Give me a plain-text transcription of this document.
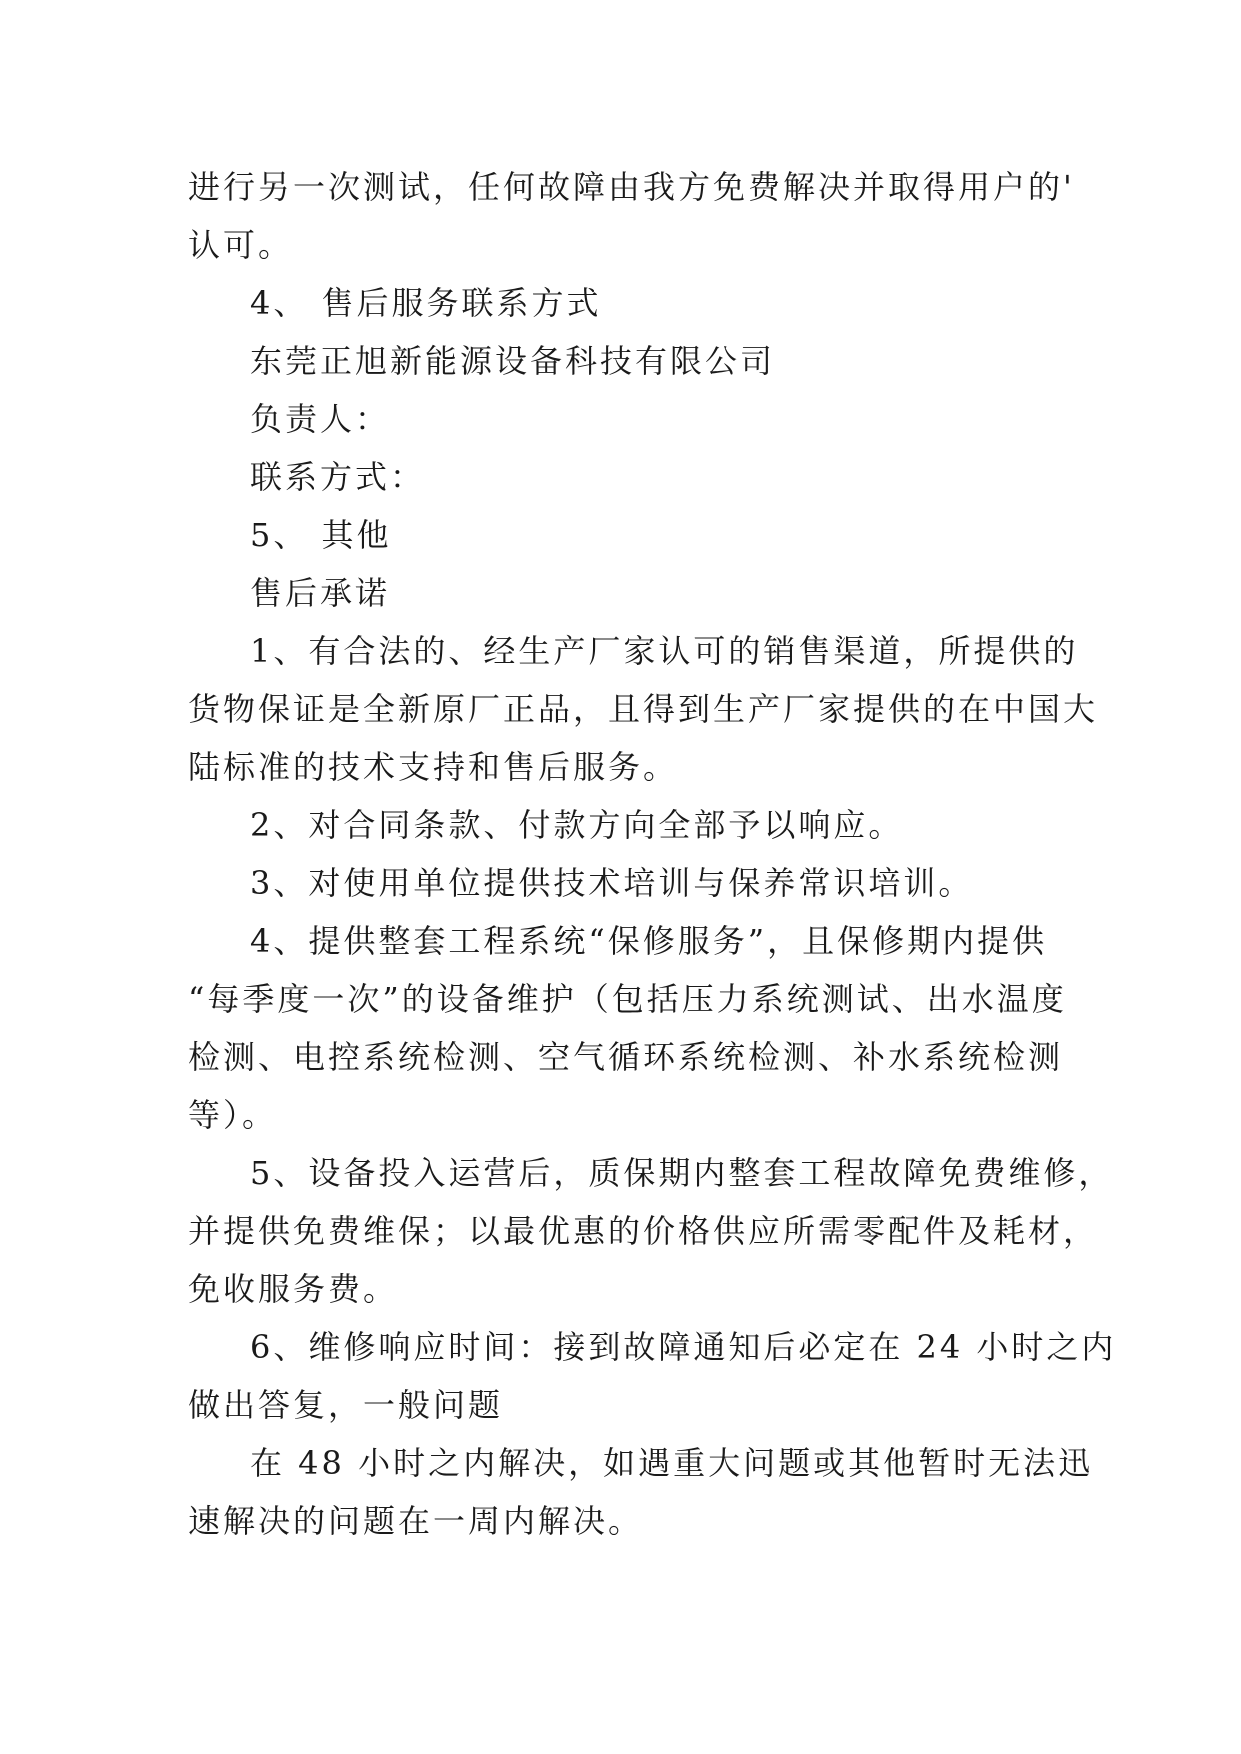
进行另一次测试，任何故障由我方免费解决并取得用户的'
认可。
4、 售后服务联系方式
东莞正旭新能源设备科技有限公司
负责人：
联系方式：
5、 其他
售后承诺
1、有合法的、经生产厂家认可的销售渠道，所提供的
货物保证是全新原厂正品，且得到生产厂家提供的在中国大
陆标准的技术支持和售后服务。
2、对合同条款、付款方向全部予以响应。
3、对使用单位提供技术培训与保养常识培训。
4、提供整套工程系统“保修服务”，且保修期内提供
“每季度一次”的设备维护（包括压力系统测试、出水温度
检测、电控系统检测、空气循环系统检测、补水系统检测
等）。
5、设备投入运营后，质保期内整套工程故障免费维修，
并提供免费维保；以最优惠的价格供应所需零配件及耗材，
免收服务费。
6、维修响应时间：接到故障通知后必定在 24 小时之内
做出答复，一般问题
在 48 小时之内解决，如遇重大问题或其他暂时无法迅
速解决的问题在一周内解决。
